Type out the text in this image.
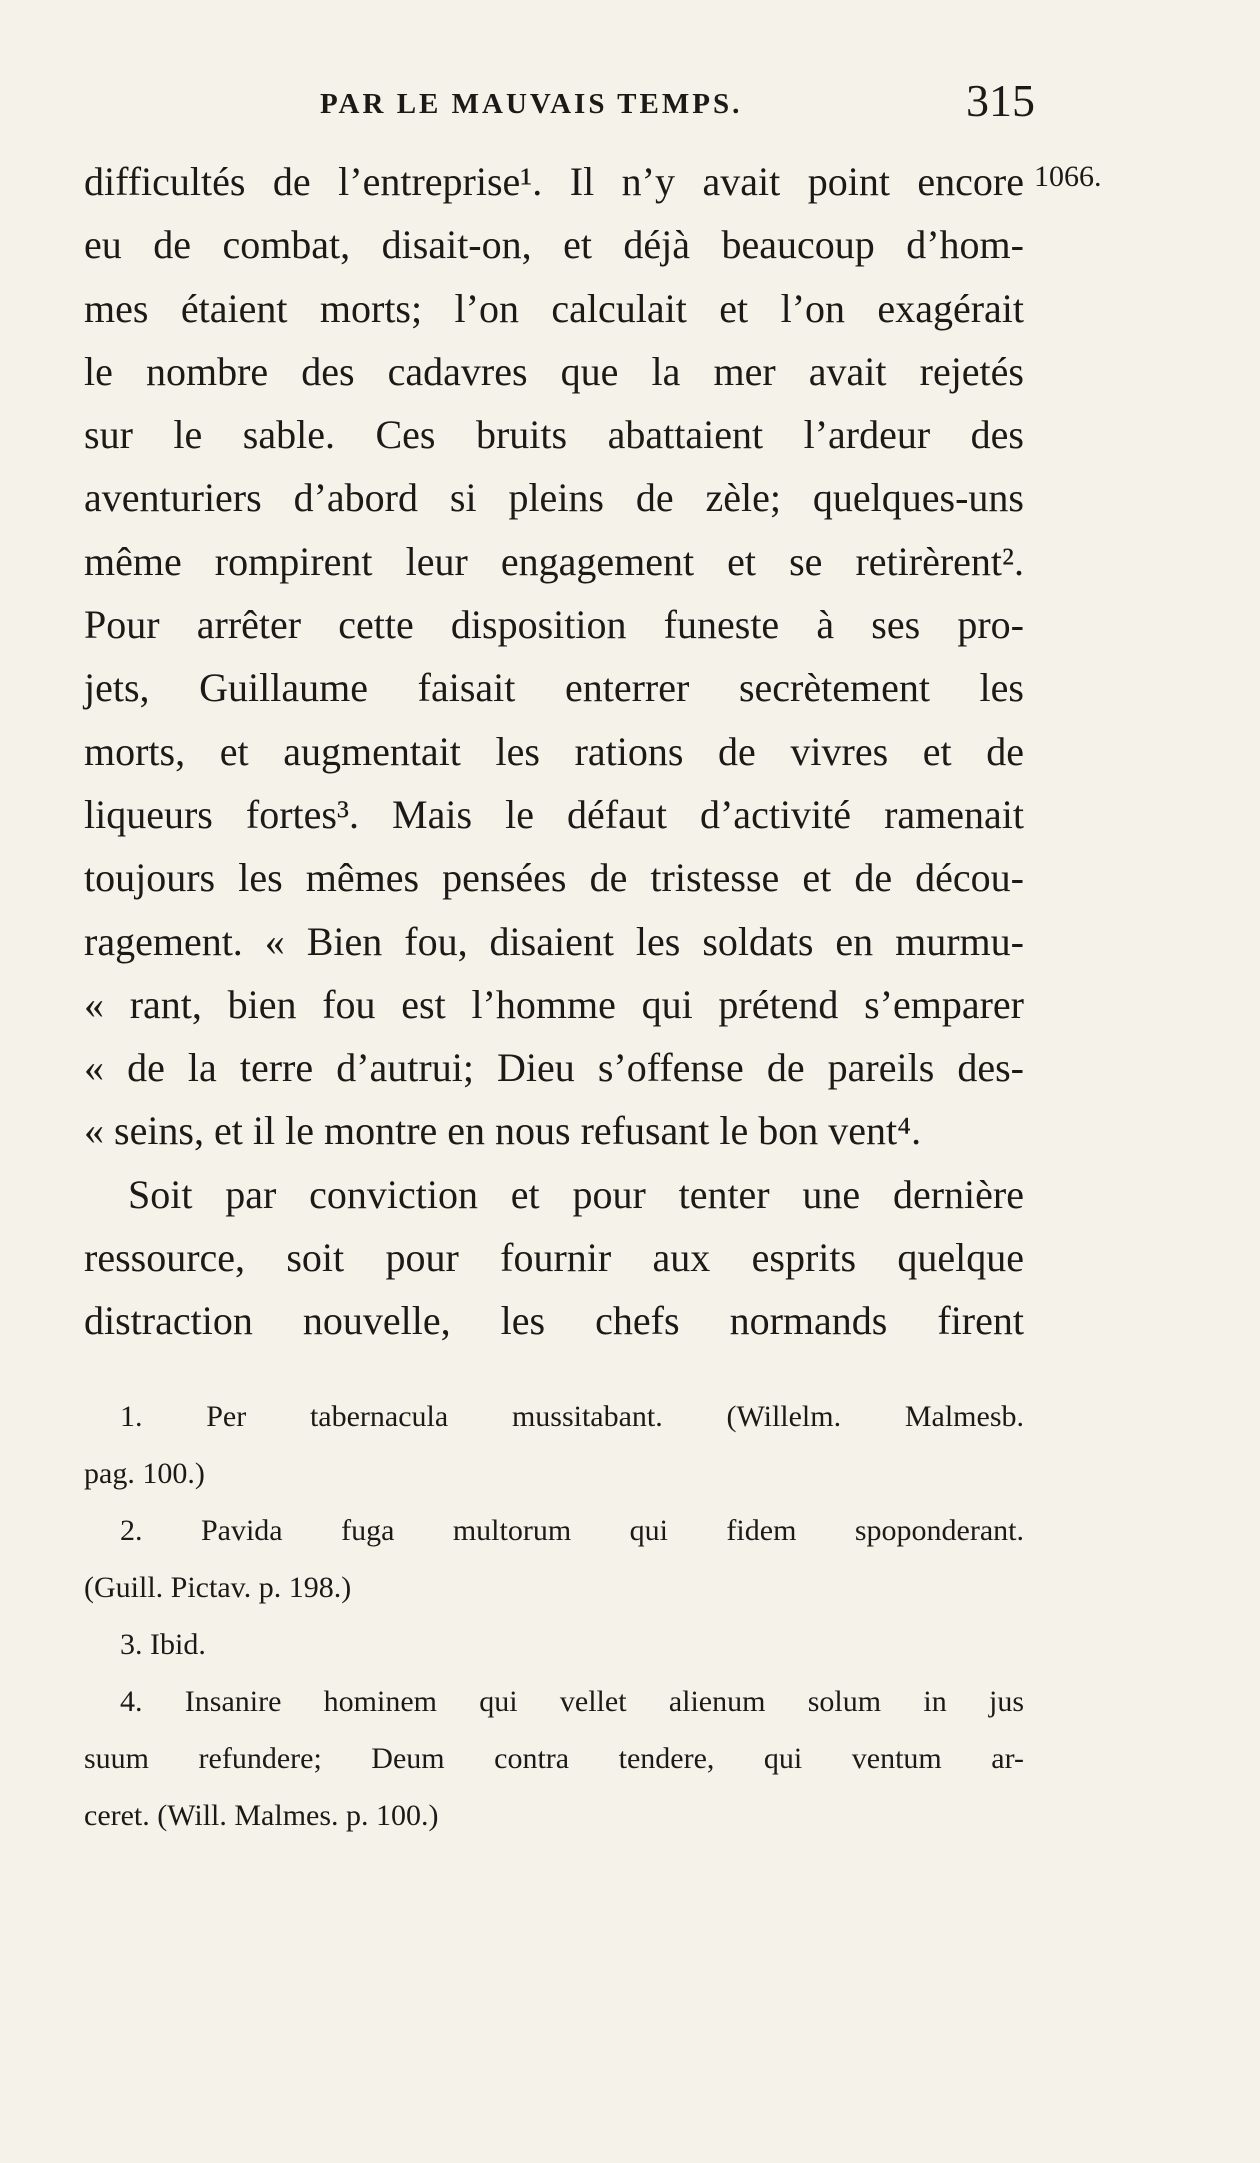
PAR LE MAUVAIS TEMPS.	315
1066.
difficultés de l’entreprise¹. Il n’y avait point encore
eu de combat, disait-on, et déjà beaucoup d’hom-
mes étaient morts; l’on calculait et l’on exagérait
le nombre des cadavres que la mer avait rejetés
sur le sable. Ces bruits abattaient l’ardeur des
aventuriers d’abord si pleins de zèle; quelques-uns
même rompirent leur engagement et se retirèrent².
Pour arrêter cette disposition funeste à ses pro-
jets, Guillaume faisait enterrer secrètement les
morts, et augmentait les rations de vivres et de
liqueurs fortes³. Mais le défaut d’activité ramenait
toujours les mêmes pensées de tristesse et de décou-
ragement. « Bien fou, disaient les soldats en murmu-
« rant, bien fou est l’homme qui prétend s’emparer
« de la terre d’autrui; Dieu s’offense de pareils des-
« seins, et il le montre en nous refusant le bon vent⁴.
Soit par conviction et pour tenter une dernière
ressource, soit pour fournir aux esprits quelque
distraction nouvelle, les chefs normands firent
1. Per tabernacula mussitabant. (Willelm. Malmesb.
pag. 100.)
2. Pavida fuga multorum qui fidem spoponderant.
(Guill. Pictav. p. 198.)
3. Ibid.
4. Insanire hominem qui vellet alienum solum in jus
suum refundere; Deum contra tendere, qui ventum ar-
ceret. (Will. Malmes. p. 100.)
